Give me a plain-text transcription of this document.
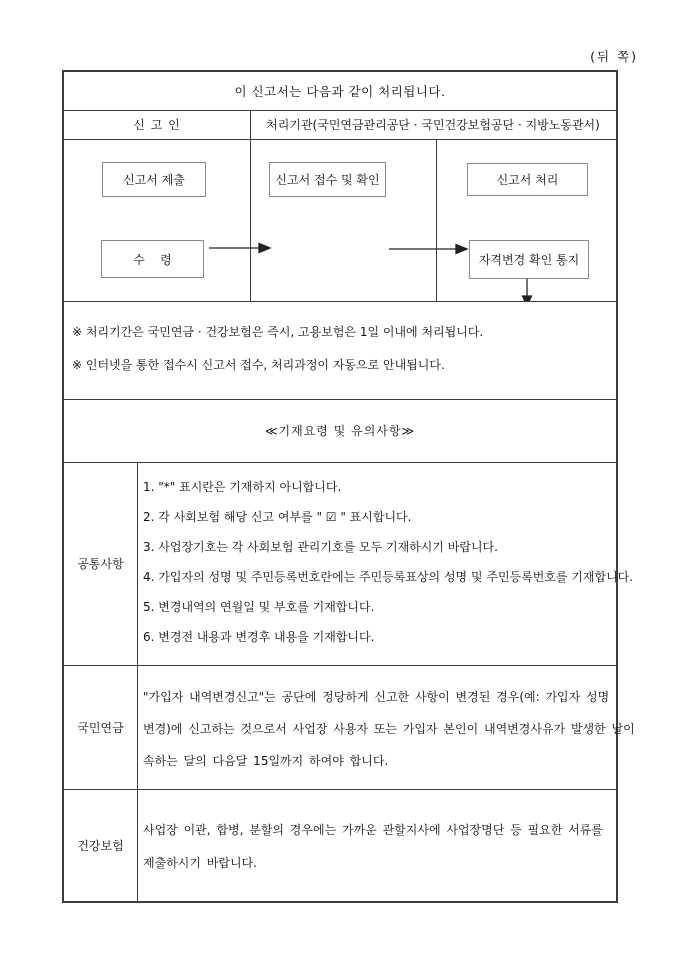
(뒤 쪽)
이 신고서는 다음과 같이 처리됩니다.
신 고 인	처리기관(국민연금관리공단 · 국민건강보험공단 · 지방노동관서)
신고서 제출	신고서 접수 및 확인	신고서 처리
자격변경 확인 통지
수    령
※ 처리기간은 국민연금 · 건강보험은 즉시, 고용보험은 1일 이내에 처리됩니다.
※ 인터넷을 통한 접수시 신고서 접수, 처리과정이 자동으로 안내됩니다.
≪기재요령 및 유의사항≫
공통사항
1. "*" 표시란은 기재하지 아니합니다.
2. 각 사회보험 해당 신고 여부를 " ☑ " 표시합니다.
3. 사업장기호는 각 사회보험 관리기호를 모두 기재하시기 바랍니다.
4. 가입자의 성명 및 주민등록번호란에는 주민등록표상의 성명 및 주민등록번호를 기재합니다.
5. 변경내역의 연월일 및 부호를 기재합니다.
6. 변경전 내용과 변경후 내용을 기재합니다.
국민연금
"가입자 내역변경신고"는 공단에 정당하게 신고한 사항이 변경된 경우(예: 가입자 성명
변경)에 신고하는 것으로서 사업장 사용자 또는 가입자 본인이 내역변경사유가 발생한 날이
속하는 달의 다음달 15일까지 하여야 합니다.
건강보험
사업장 이관, 합병, 분할의 경우에는 가까운 관할지사에 사업장명단 등 필요한 서류를
제출하시기 바랍니다.
